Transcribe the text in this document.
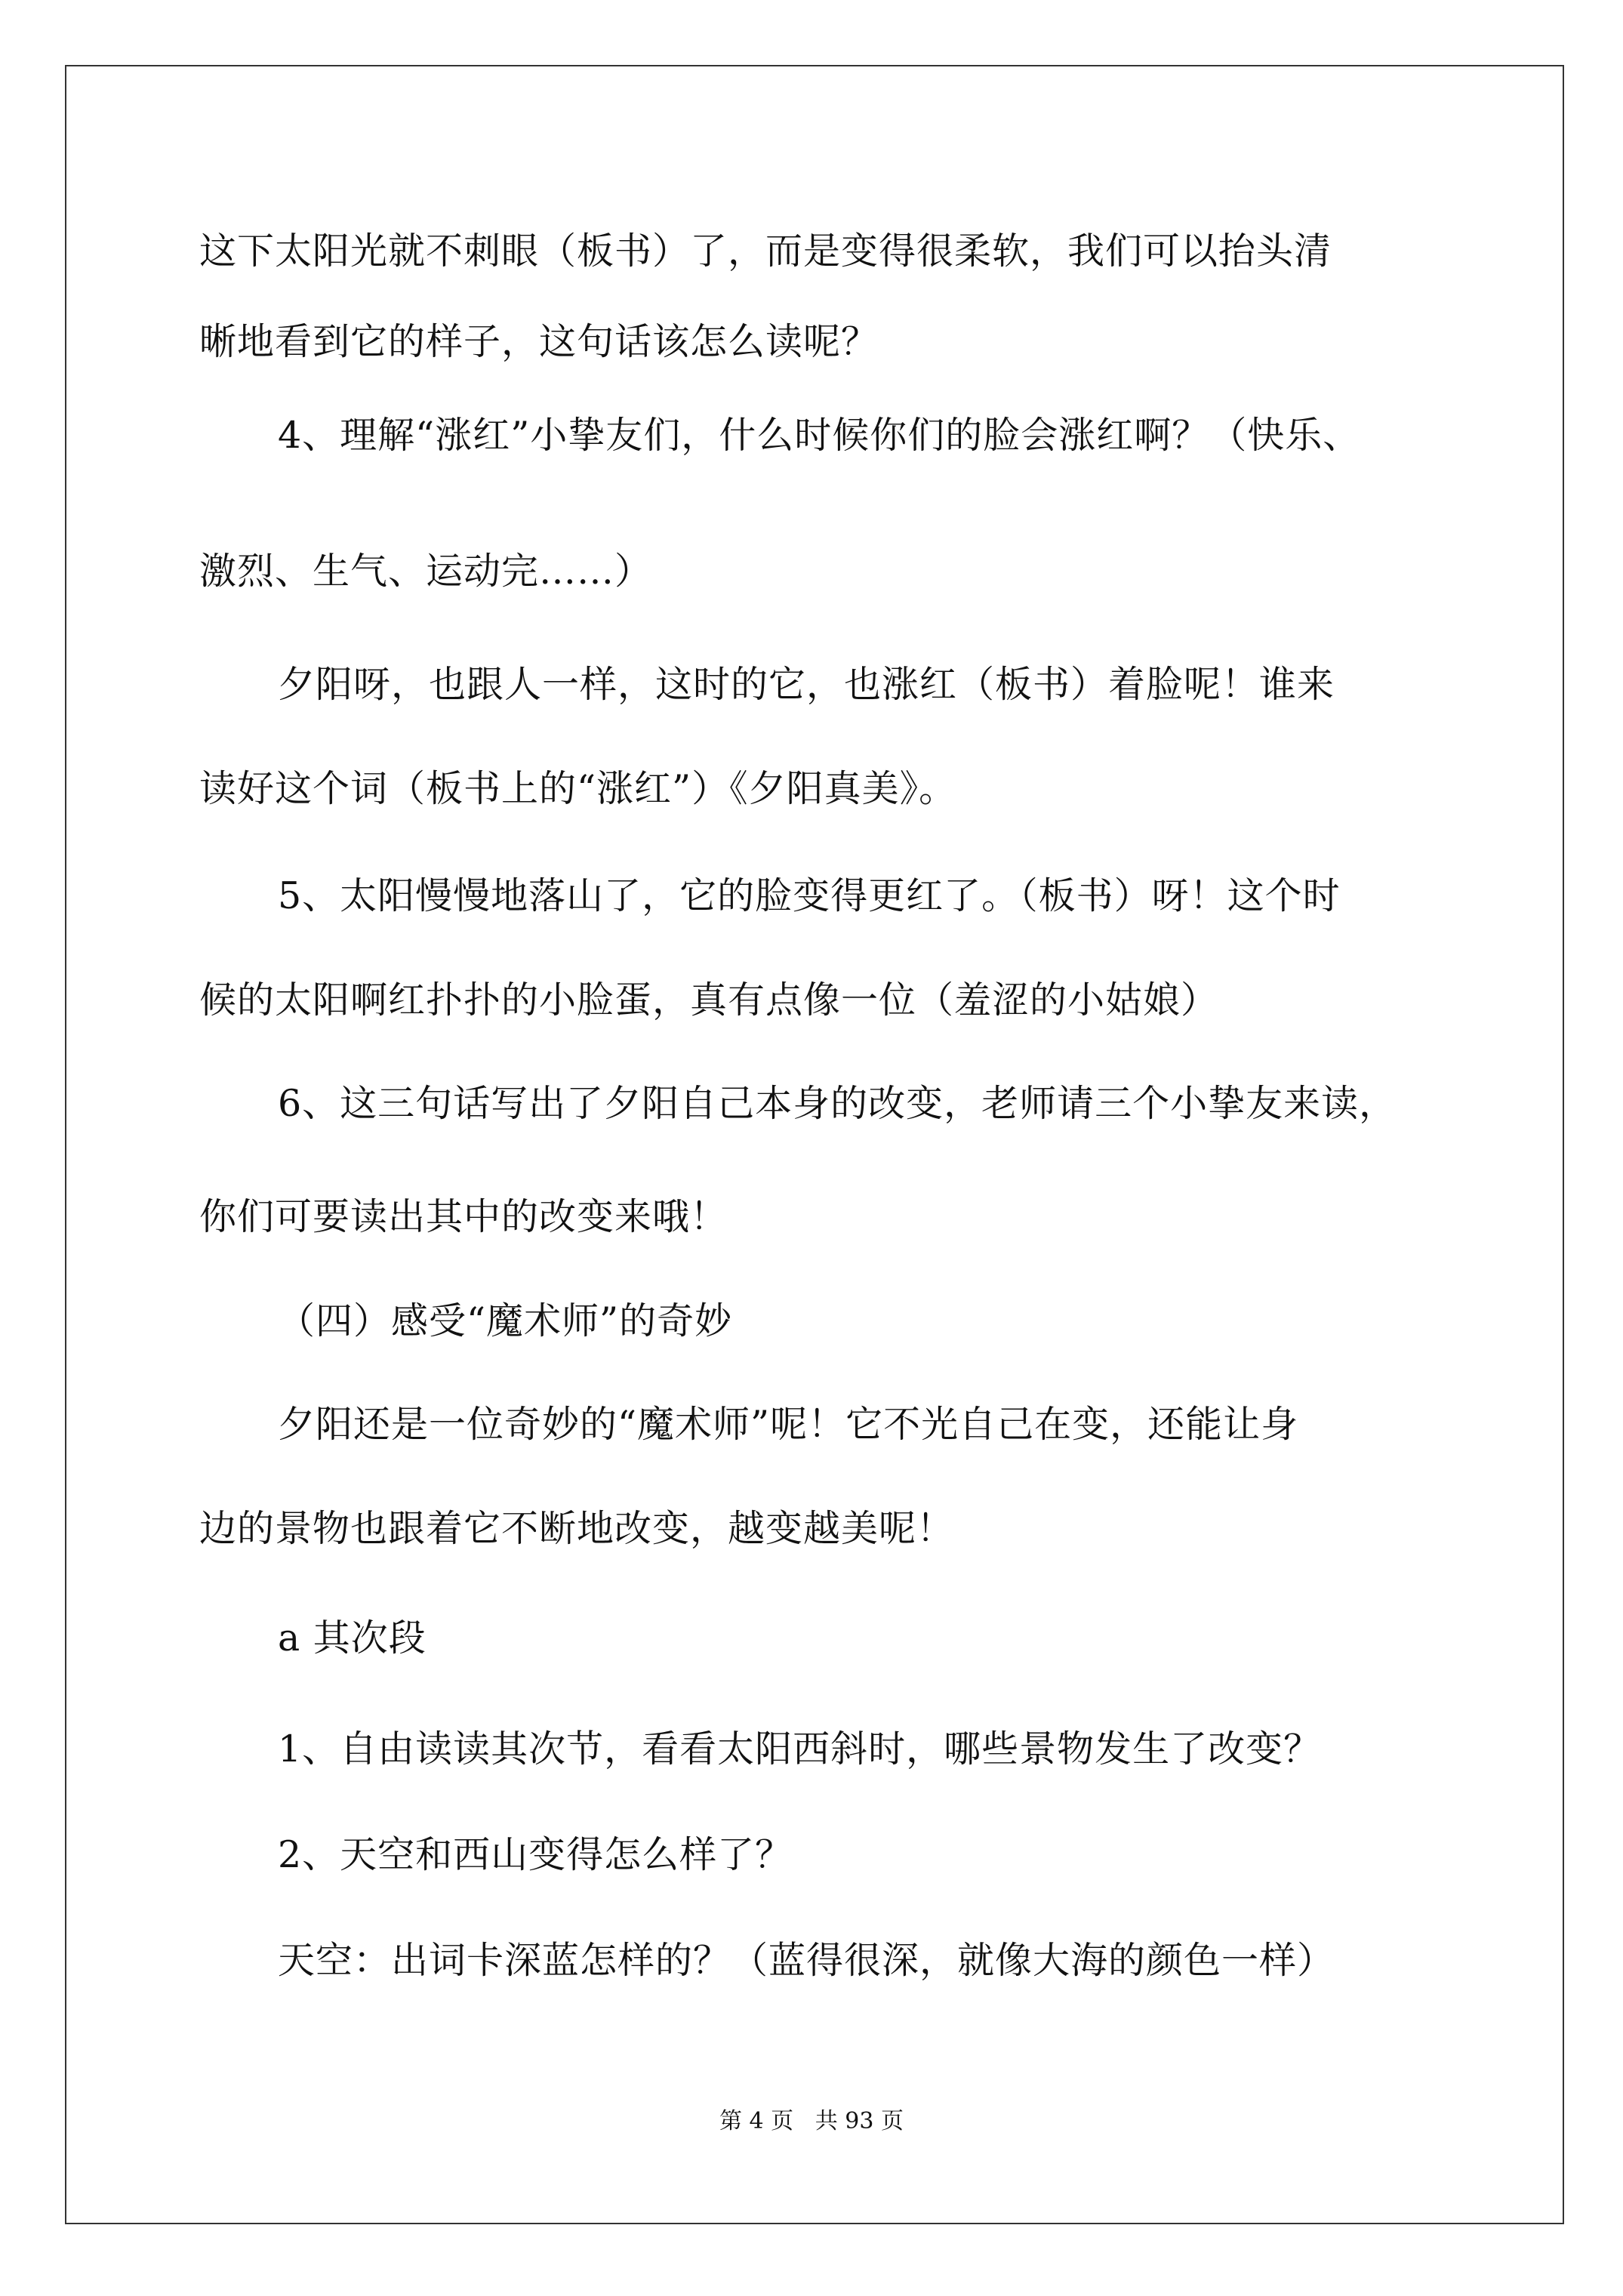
这下太阳光就不刺眼（板书）了，而是变得很柔软，我们可以抬头清
晰地看到它的样子，这句话该怎么读呢？
4、理解“涨红”小挚友们，什么时候你们的脸会涨红啊？（快乐、
激烈、生气、运动完……）
夕阳呀，也跟人一样，这时的它，也涨红（板书）着脸呢！谁来
读好这个词（板书上的“涨红”）《夕阳真美》。
5、太阳慢慢地落山了，它的脸变得更红了。（板书）呀！这个时
候的太阳啊红扑扑的小脸蛋，真有点像一位（羞涩的小姑娘）
6、这三句话写出了夕阳自己本身的改变，老师请三个小挚友来读，
你们可要读出其中的改变来哦！
（四）感受“魔术师”的奇妙
夕阳还是一位奇妙的“魔术师”呢！它不光自己在变，还能让身
边的景物也跟着它不断地改变，越变越美呢！
a 其次段
1、自由读读其次节，看看太阳西斜时，哪些景物发生了改变？
2、天空和西山变得怎么样了？
天空：出词卡深蓝怎样的？（蓝得很深，就像大海的颜色一样）
第 4 页   共 93 页
